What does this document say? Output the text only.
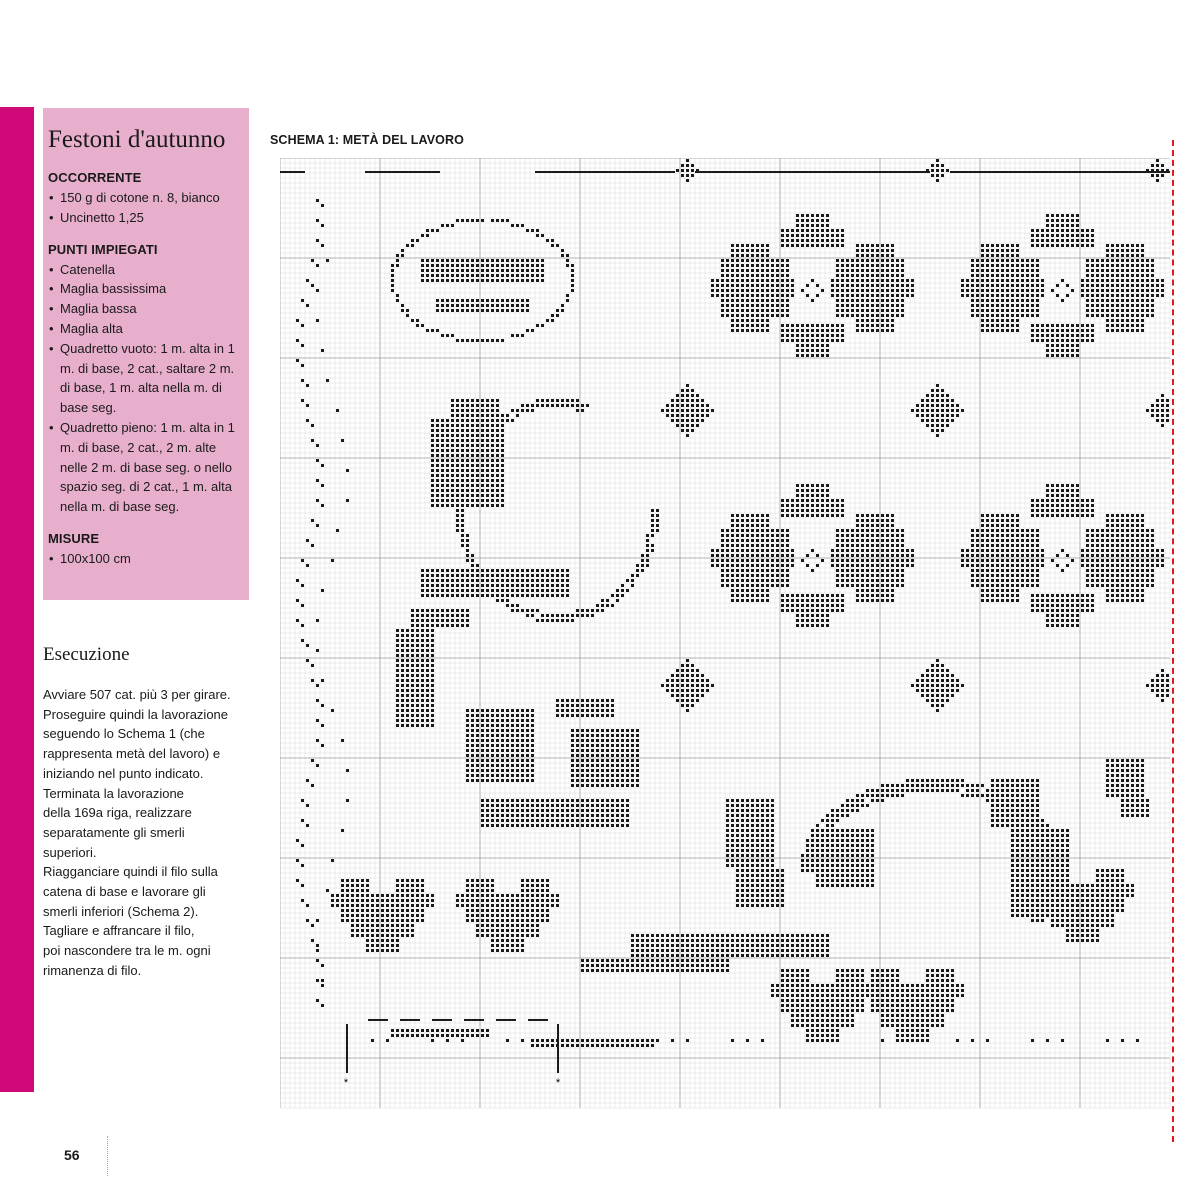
Festoni d'autunno
OCCORRENTE
• 150 g di cotone n. 8, bianco
• Uncinetto 1,25
PUNTI IMPIEGATI
• Catenella
• Maglia bassissima
• Maglia bassa
• Maglia alta
• Quadretto vuoto: 1 m. alta in 1 m. di base, 2 cat., saltare 2 m. di base, 1 m. alta nella m. di base seg.
• Quadretto pieno: 1 m. alta in 1 m. di base, 2 cat., 2 m. alte nelle 2 m. di base seg. o nello spazio seg. di 2 cat., 1 m. alta nella m. di base seg.
MISURE
• 100x100 cm
Esecuzione
Avviare 507 cat. più 3 per girare.
Proseguire quindi la lavorazione
seguendo lo Schema 1 (che
rappresenta metà del lavoro) e
iniziando nel punto indicato.
Terminata la lavorazione
della 169a riga, realizzare
separatamente gli smerli
superiori.
Riagganciare quindi il filo sulla
catena di base e lavorare gli
smerli inferiori (Schema 2).
Tagliare e affrancare il filo,
poi nascondere tra le m. ogni
rimanenza di filo.
SCHEMA 1: METÀ DEL LAVORO
*	*
56
